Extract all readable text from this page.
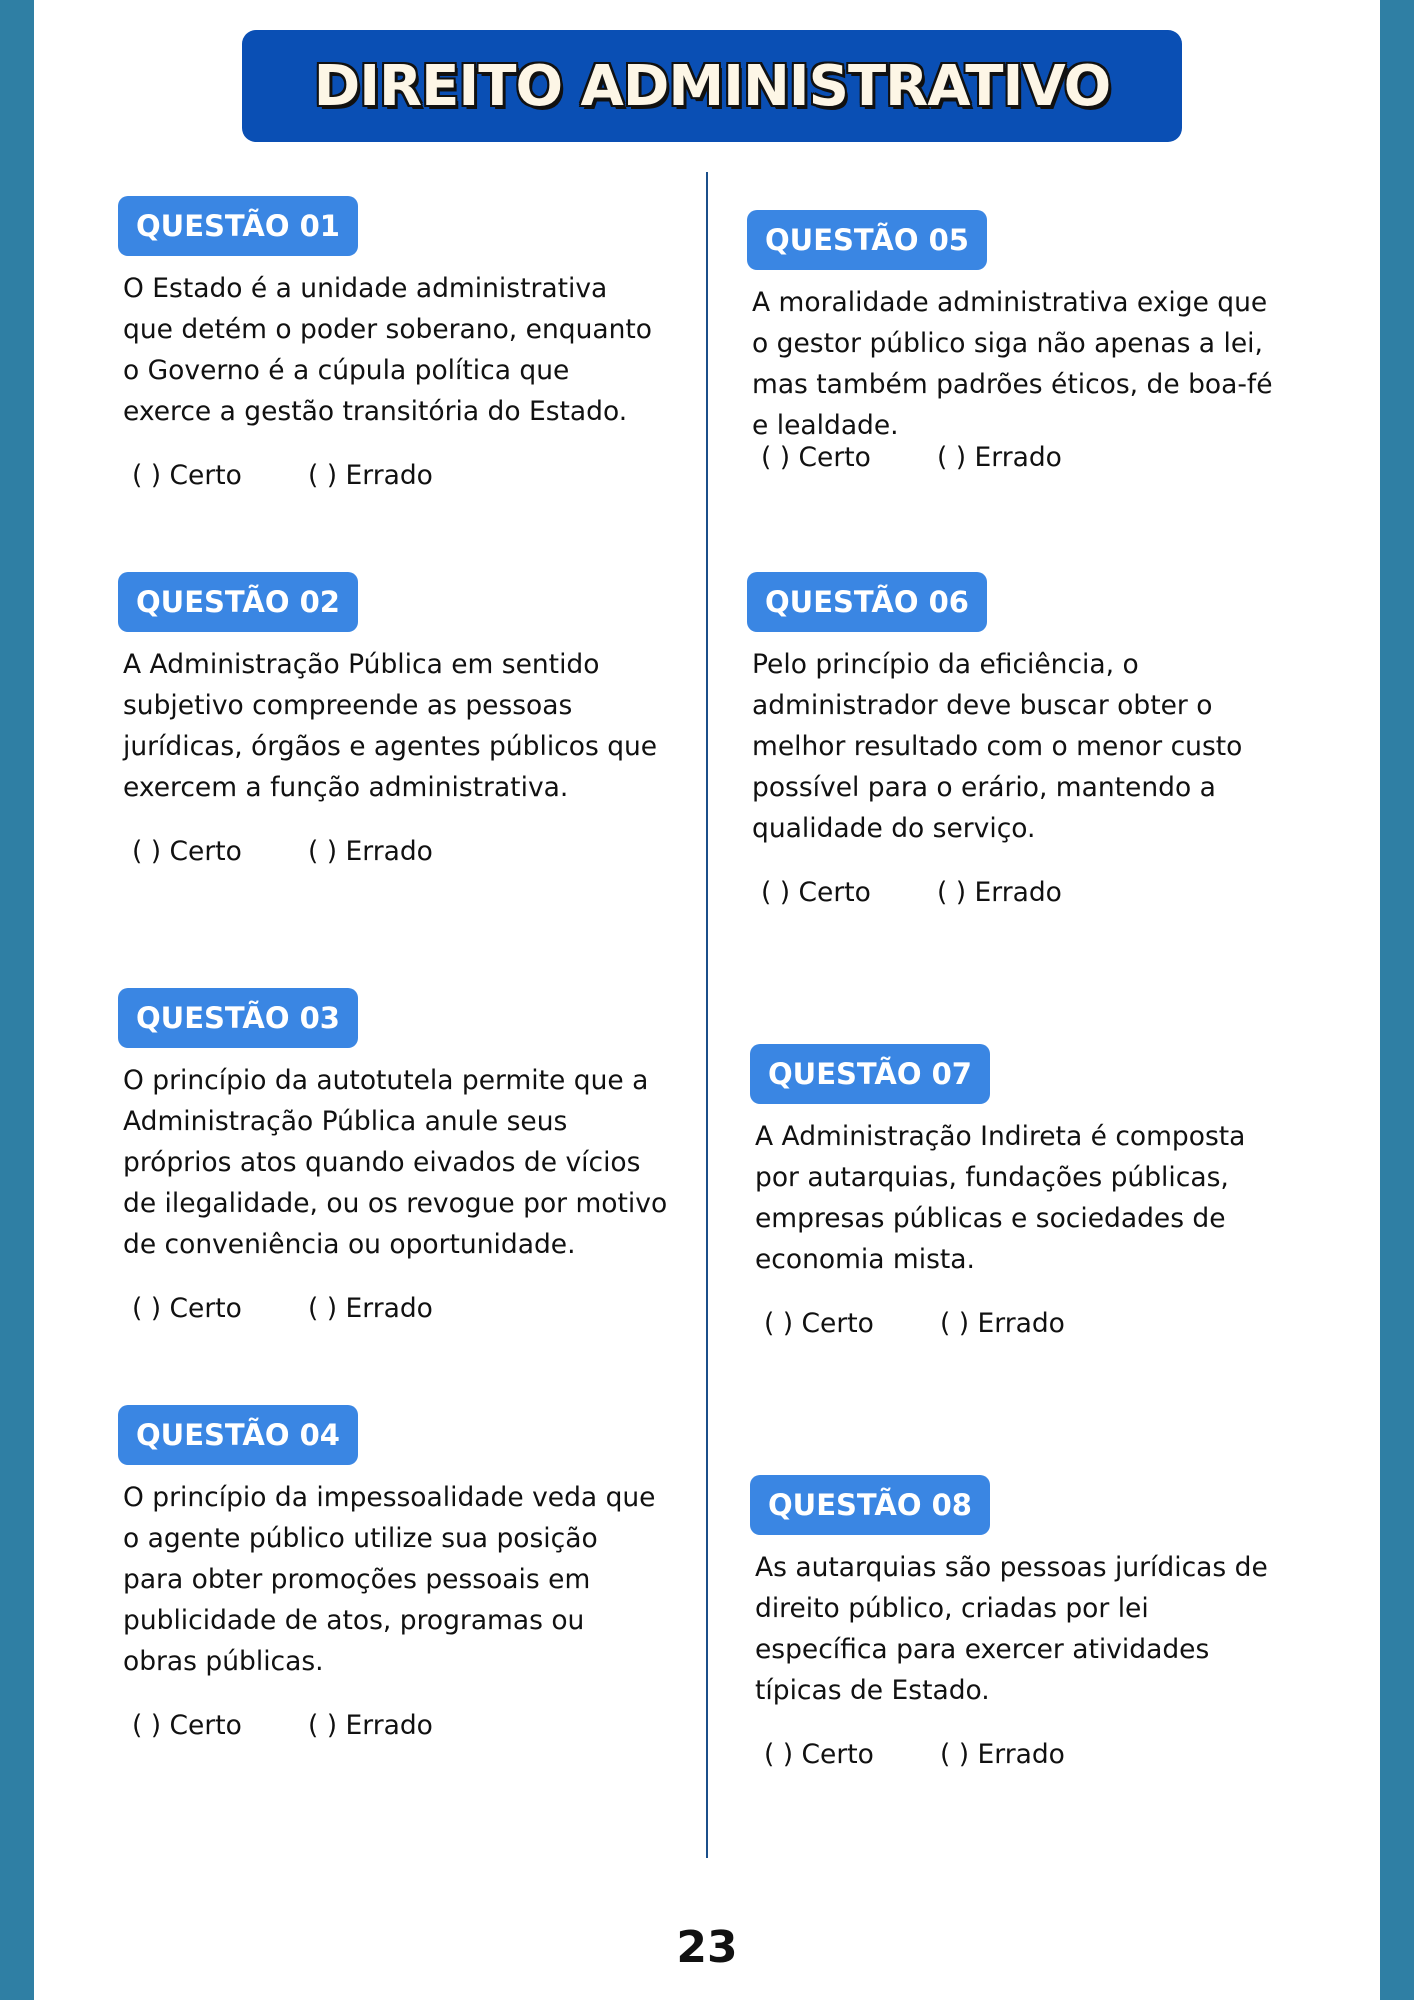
DIREITO ADMINISTRATIVO
QUESTÃO 01
O Estado é a unidade administrativa
que detém o poder soberano, enquanto
o Governo é a cúpula política que
exerce a gestão transitória do Estado.
( ) Certo	( ) Errado
QUESTÃO 02
A Administração Pública em sentido
subjetivo compreende as pessoas
jurídicas, órgãos e agentes públicos que
exercem a função administrativa.
( ) Certo	( ) Errado
QUESTÃO 03
O princípio da autotutela permite que a
Administração Pública anule seus
próprios atos quando eivados de vícios
de ilegalidade, ou os revogue por motivo
de conveniência ou oportunidade.
( ) Certo	( ) Errado
QUESTÃO 04
O princípio da impessoalidade veda que
o agente público utilize sua posição
para obter promoções pessoais em
publicidade de atos, programas ou
obras públicas.
( ) Certo	( ) Errado
QUESTÃO 05
A moralidade administrativa exige que
o gestor público siga não apenas a lei,
mas também padrões éticos, de boa-fé
e lealdade.
( ) Certo	( ) Errado
QUESTÃO 06
Pelo princípio da eficiência, o
administrador deve buscar obter o
melhor resultado com o menor custo
possível para o erário, mantendo a
qualidade do serviço.
( ) Certo	( ) Errado
QUESTÃO 07
A Administração Indireta é composta
por autarquias, fundações públicas,
empresas públicas e sociedades de
economia mista.
( ) Certo	( ) Errado
QUESTÃO 08
As autarquias são pessoas jurídicas de
direito público, criadas por lei
específica para exercer atividades
típicas de Estado.
( ) Certo	( ) Errado
23
